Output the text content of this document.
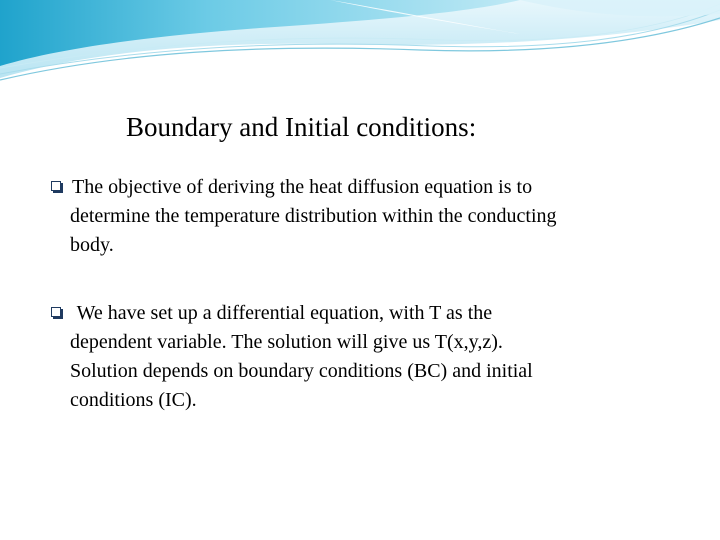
Boundary and Initial conditions:
The objective of deriving the heat diffusion equation is to
determine the temperature distribution within the conducting
body.
We have set up a differential equation, with T as the
dependent variable. The solution will give us T(x,y,z).
Solution depends on boundary conditions (BC) and initial
conditions (IC).
